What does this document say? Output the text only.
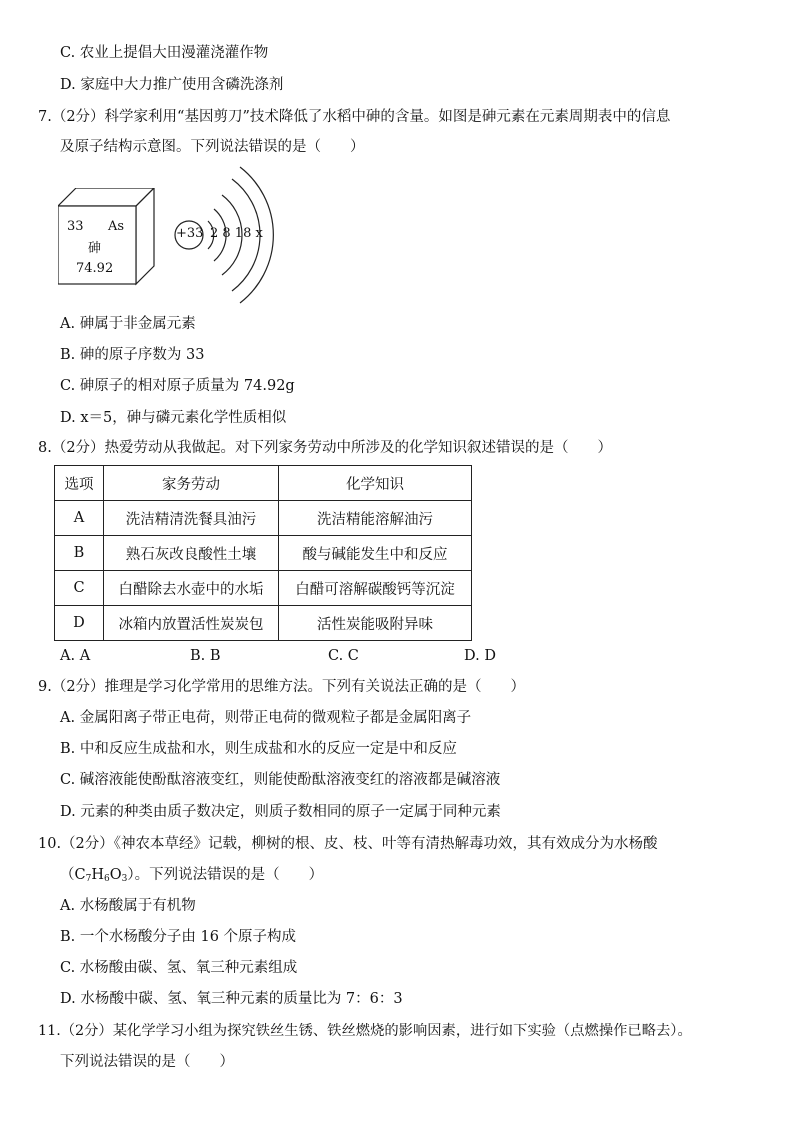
C. 农业上提倡大田漫灌浇灌作物
D. 家庭中大力推广使用含磷洗涤剂
7.（2分）科学家利用“基因剪刀”技术降低了水稻中砷的含量。如图是砷元素在元素周期表中的信息
及原子结构示意图。下列说法错误的是（　　）
33 As
砷
74.92
+33 2 8 18 x
A. 砷属于非金属元素
B. 砷的原子序数为 33
C. 砷原子的相对原子质量为 74.92g
D. x＝5，砷与磷元素化学性质相似
8.（2分）热爱劳动从我做起。对下列家务劳动中所涉及的化学知识叙述错误的是（　　）
选项	家务劳动	化学知识
A	洗洁精清洗餐具油污	洗洁精能溶解油污
B	熟石灰改良酸性土壤	酸与碱能发生中和反应
C	白醋除去水壶中的水垢	白醋可溶解碳酸钙等沉淀
D	冰箱内放置活性炭炭包	活性炭能吸附异味
A. A	B. B	C. C	D. D
9.（2分）推理是学习化学常用的思维方法。下列有关说法正确的是（　　）
A. 金属阳离子带正电荷，则带正电荷的微观粒子都是金属阳离子
B. 中和反应生成盐和水，则生成盐和水的反应一定是中和反应
C. 碱溶液能使酚酞溶液变红，则能使酚酞溶液变红的溶液都是碱溶液
D. 元素的种类由质子数决定，则质子数相同的原子一定属于同种元素
10.（2分）《神农本草经》记载，柳树的根、皮、枝、叶等有清热解毒功效，其有效成分为水杨酸
$(C_7H_6O_3)$。下列说法错误的是（　　）
A. 水杨酸属于有机物
B. 一个水杨酸分子由 16 个原子构成
C. 水杨酸由碳、氢、氧三种元素组成
D. 水杨酸中碳、氢、氧三种元素的质量比为 7：6：3
11.（2分）某化学学习小组为探究铁丝生锈、铁丝燃烧的影响因素，进行如下实验（点燃操作已略去）。
下列说法错误的是（　　）
